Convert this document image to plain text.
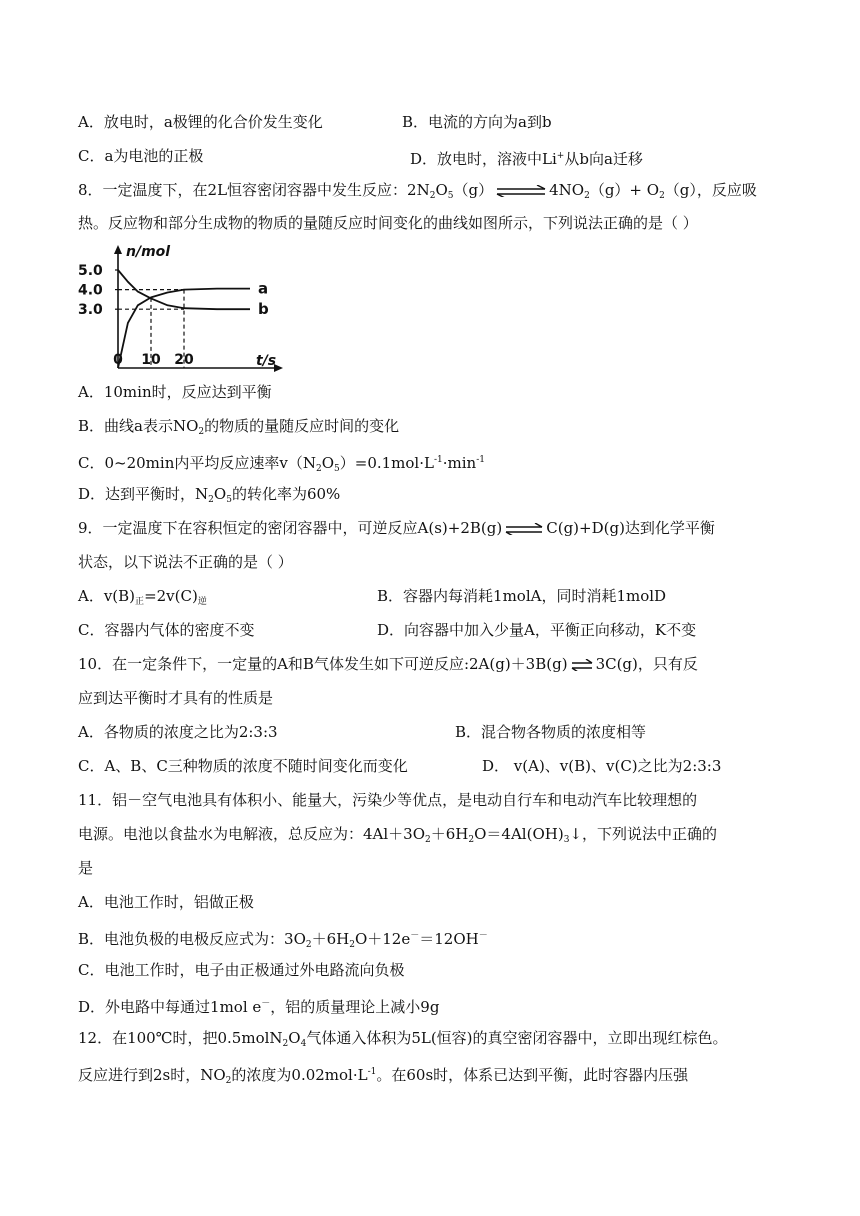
A．放电时，a极锂的化合价发生变化	B．电流的方向为a到b
C．a为电池的正极	D．放电时，溶液中Li+从b向a迁移
8．一定温度下，在2L恒容密闭容器中发生反应：$2N_2O_5(g)$ ⇌ $4NO_2(g)+ O_2(g)$，反应吸
热。反应物和部分生成物的物质的量随反应时间变化的曲线如图所示，下列说法正确的是（ ）
n/mol
t/s
5.0
4.0
3.0
0 10 20
a
b
A．10min时，反应达到平衡
B．曲线a表示$NO_2$的物质的量随反应时间的变化
C．0~20min内平均反应速率$v(N_2O_5)=0.1mol\cdot L^{-1}\cdot\min^{-1}$
D．达到平衡时，$N_2O_5$的转化率为60%
9．一定温度下在容积恒定的密闭容器中，可逆反应A(s)+2B(g) ⇌ C(g)+D(g)达到化学平衡
状态，以下说法不正确的是（ ）
A．$v(B)_正=2v(C)_逆$	B．容器内每消耗1molA，同时消耗1molD
C．容器内气体的密度不变	D．向容器中加入少量A，平衡正向移动，K不变
10．在一定条件下，一定量的A和B气体发生如下可逆反应:2A(g)＋3B(g) ⇌ 3C(g)，只有反
应到达平衡时才具有的性质是
A．各物质的浓度之比为2:3:3	B．混合物各物质的浓度相等
C．A、B、C三种物质的浓度不随时间变化而变化	D． v(A)、v(B)、v(C)之比为2:3:3
11．铝－空气电池具有体积小、能量大，污染少等优点，是电动自行车和电动汽车比较理想的
电源。电池以食盐水为电解液，总反应为：$4Al+3O_2+6H_2O=4Al(OH)_3↓$，下列说法中正确的
是
A．电池工作时，铝做正极
B．电池负极的电极反应式为：$3O_2+6H_2O+12e^-=12OH^-$
C．电池工作时，电子由正极通过外电路流向负极
D．外电路中每通过1mol e－，铝的质量理论上减小9g
12．在100℃时，把$0.5molN_2O_4$气体通入体积为5L(恒容)的真空密闭容器中，立即出现红棕色。
反应进行到2s时，$NO_2$的浓度为$0.02mol\cdot L^{-1}$。在60s时，体系已达到平衡，此时容器内压强
